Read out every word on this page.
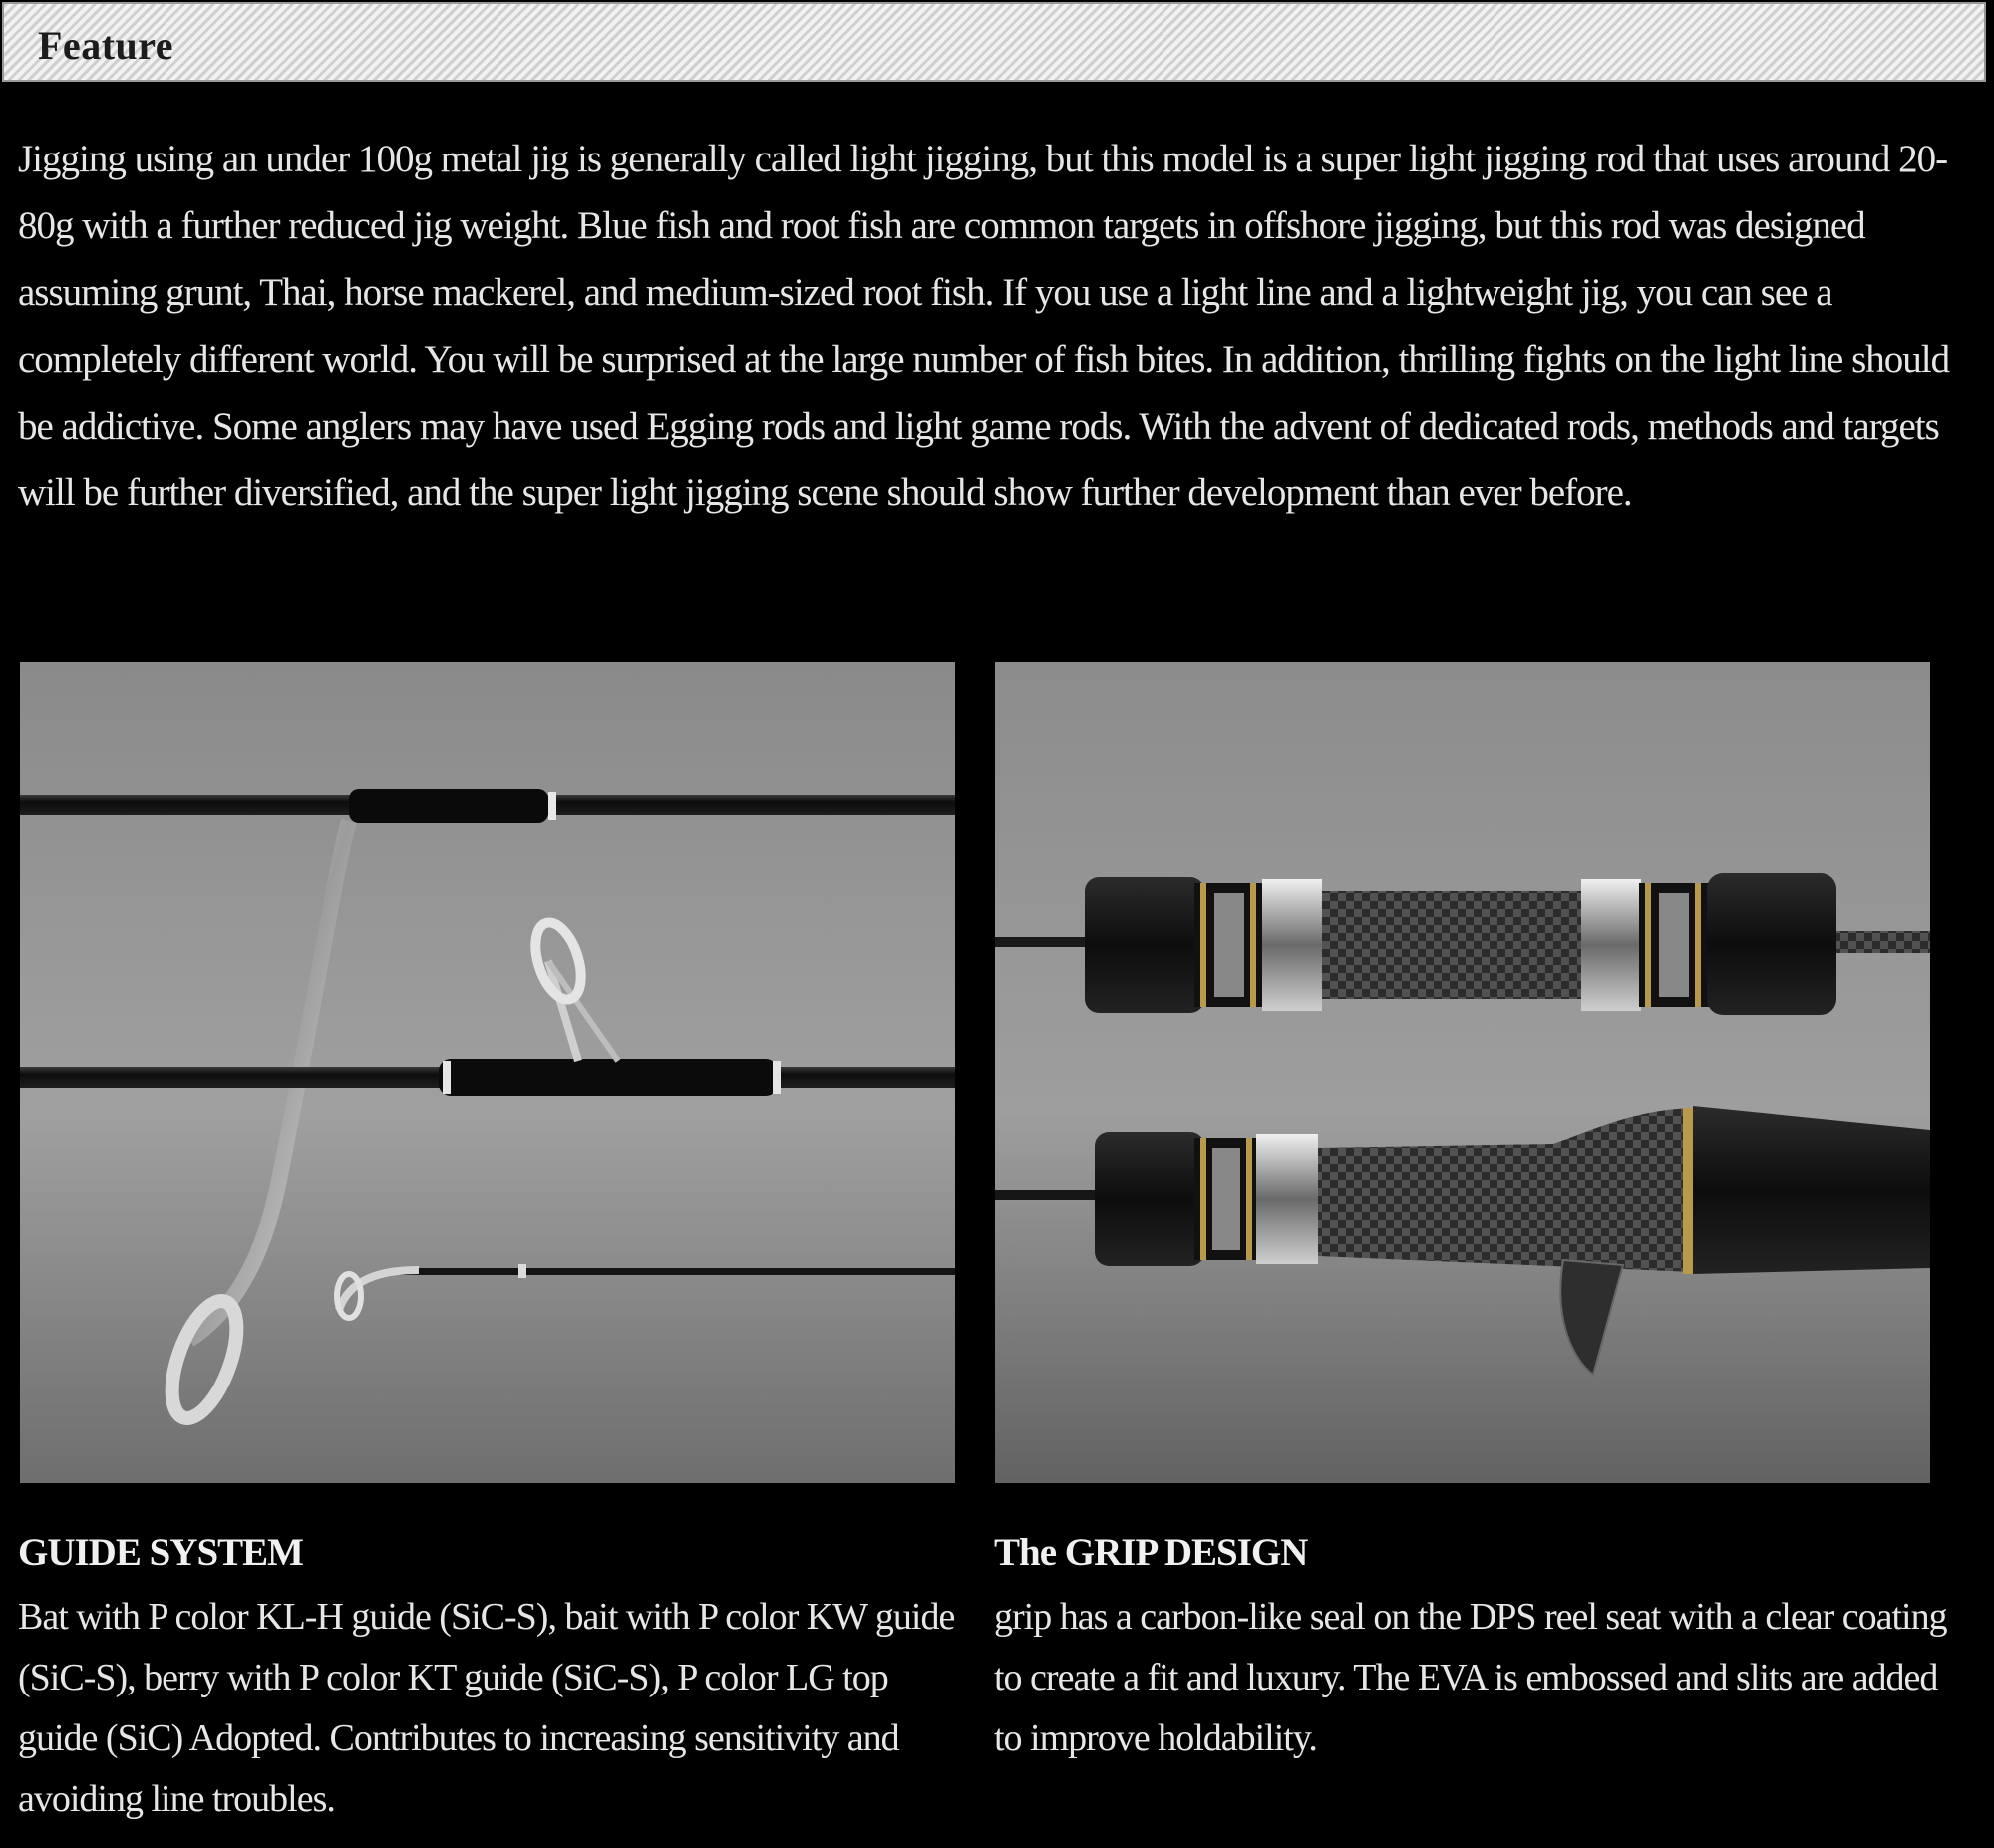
Feature

Jigging using an under 100g metal jig is generally called light jigging, but this model is a super light jigging rod that uses around 20-80g with a further reduced jig weight. Blue fish and root fish are common targets in offshore jigging, but this rod was designed assuming grunt, Thai, horse mackerel, and medium-sized root fish. If you use a light line and a lightweight jig, you can see a completely different world. You will be surprised at the large number of fish bites. In addition, thrilling fights on the light line should be addictive. Some anglers may have used Egging rods and light game rods. With the advent of dedicated rods, methods and targets will be further diversified, and the super light jigging scene should show further development than ever before.

GUIDE SYSTEM

Bat with P color KL-H guide (SiC-S), bait with P color KW guide (SiC-S), berry with P color KT guide (SiC-S), P color LG top guide (SiC) Adopted. Contributes to increasing sensitivity and avoiding line troubles.

The GRIP DESIGN

grip has a carbon-like seal on the DPS reel seat with a clear coating to create a fit and luxury. The EVA is embossed and slits are added to improve holdability.
